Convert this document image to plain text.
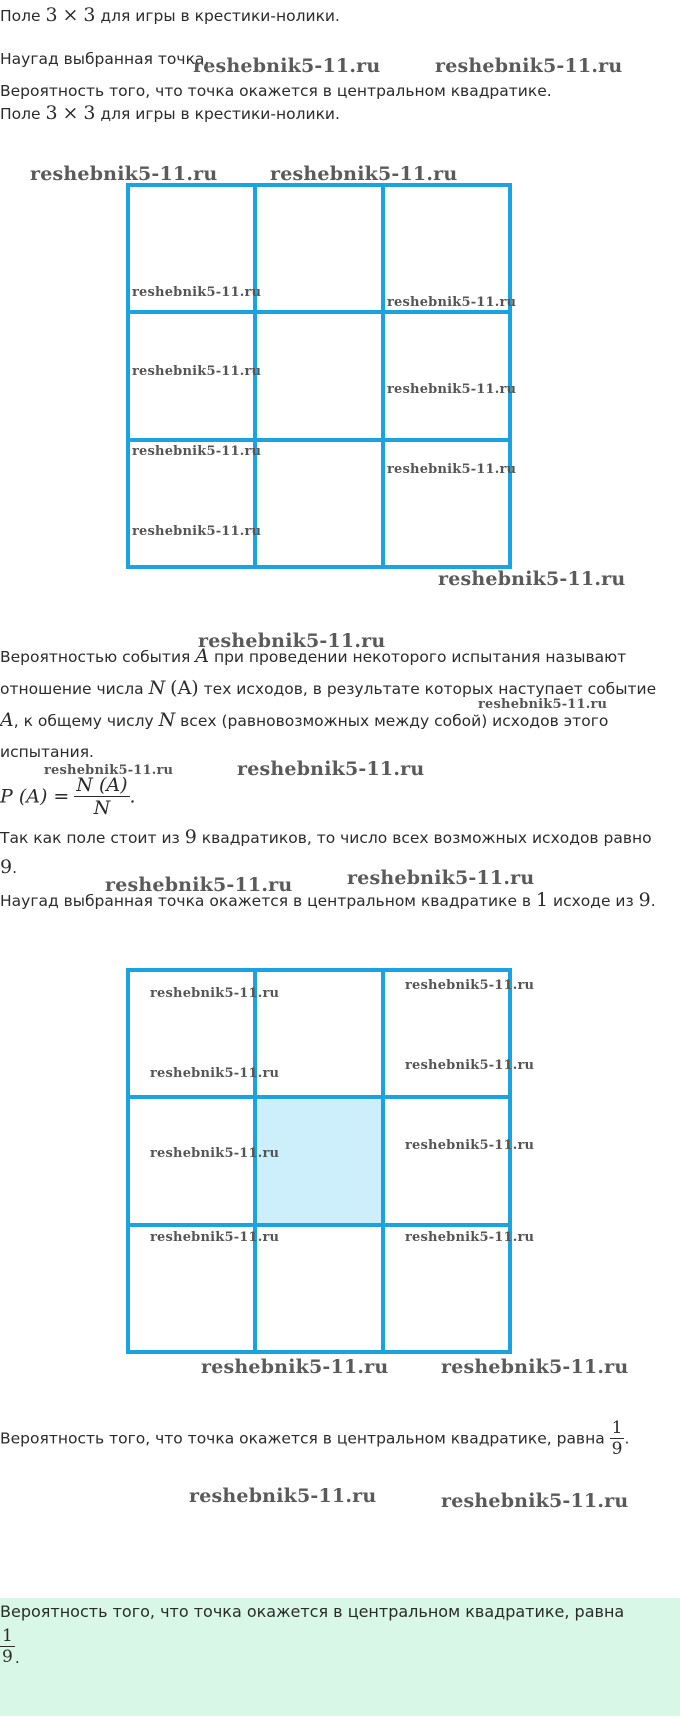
Поле 3 × 3 для игры в крестики-нолики.
Наугад выбранная точка.
Вероятность того, что точка окажется в центральном квадратике.
Поле 3 × 3 для игры в крестики-нолики.
Вероятностью события A при проведении некоторого испытания называют
отношение числа N (A) тех исходов, в результате которых наступает событие
A, к общему числу N всех (равновозможных между собой) исходов этого
испытания.
P $(A) = \frac{N (A)}{N}$ .
Так как поле стоит из 9 квадратиков, то число всех возможных исходов равно
9.
Наугад выбранная точка окажется в центральном квадратике в 1 исходе из 9.
Вероятность того, что точка окажется в центральном квадратике, равна $\frac{1}{9}$ .
Вероятность того, что точка окажется в центральном квадратике, равна
$\frac{1}{9}$ .
reshebnik5-11.ru	reshebnik5-11.ru
reshebnik5-11.ru	reshebnik5-11.ru
reshebnik5-11.ru
reshebnik5-11.ru
reshebnik5-11.ru
reshebnik5-11.ru
reshebnik5-11.ru
reshebnik5-11.ru
reshebnik5-11.ru
reshebnik5-11.ru
reshebnik5-11.ru
reshebnik5-11.ru
reshebnik5-11.ru	reshebnik5-11.ru
reshebnik5-11.ru
reshebnik5-11.ru
reshebnik5-11.ru
reshebnik5-11.ru
reshebnik5-11.ru
reshebnik5-11.ru
reshebnik5-11.ru
reshebnik5-11.ru
reshebnik5-11.ru	reshebnik5-11.ru
reshebnik5-11.ru	reshebnik5-11.ru
reshebnik5-11.ru	reshebnik5-11.ru
